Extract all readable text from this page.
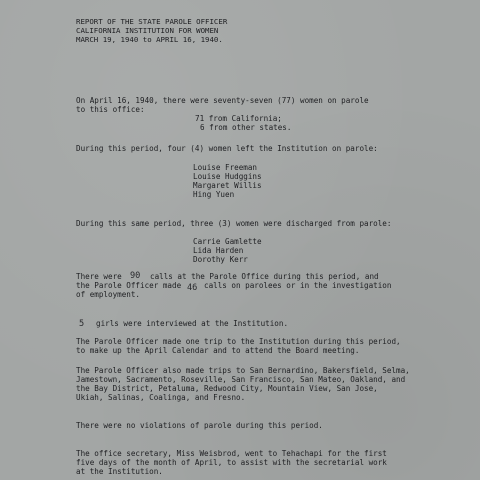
REPORT OF THE STATE PAROLE OFFICER
CALIFORNIA INSTITUTION FOR WOMEN
MARCH 19, 1940 to APRIL 16, 1940.
On April 16, 1940, there were seventy-seven (77) women on parole
to this office:
71 from California;
6 from other states.
During this period, four (4) women left the Institution on parole:
Louise Freeman
Louise Hudggins
Margaret Willis
Hing Yuen
During this same period, three (3) women were discharged from parole:
Carrie Gamlette
Lida Harden
Dorothy Kerr
There were 90 calls at the Parole Office during this period, and
the Parole Officer made 46 calls on parolees or in the investigation
of employment.
5 girls were interviewed at the Institution.
The Parole Officer made one trip to the Institution during this period,
to make up the April Calendar and to attend the Board meeting.
The Parole Officer also made trips to San Bernardino, Bakersfield, Selma,
Jamestown, Sacramento, Roseville, San Francisco, San Mateo, Oakland, and
the Bay District, Petaluma, Redwood City, Mountain View, San Jose,
Ukiah, Salinas, Coalinga, and Fresno.
There were no violations of parole during this period.
The office secretary, Miss Weisbrod, went to Tehachapi for the first
five days of the month of April, to assist with the secretarial work
at the Institution.
